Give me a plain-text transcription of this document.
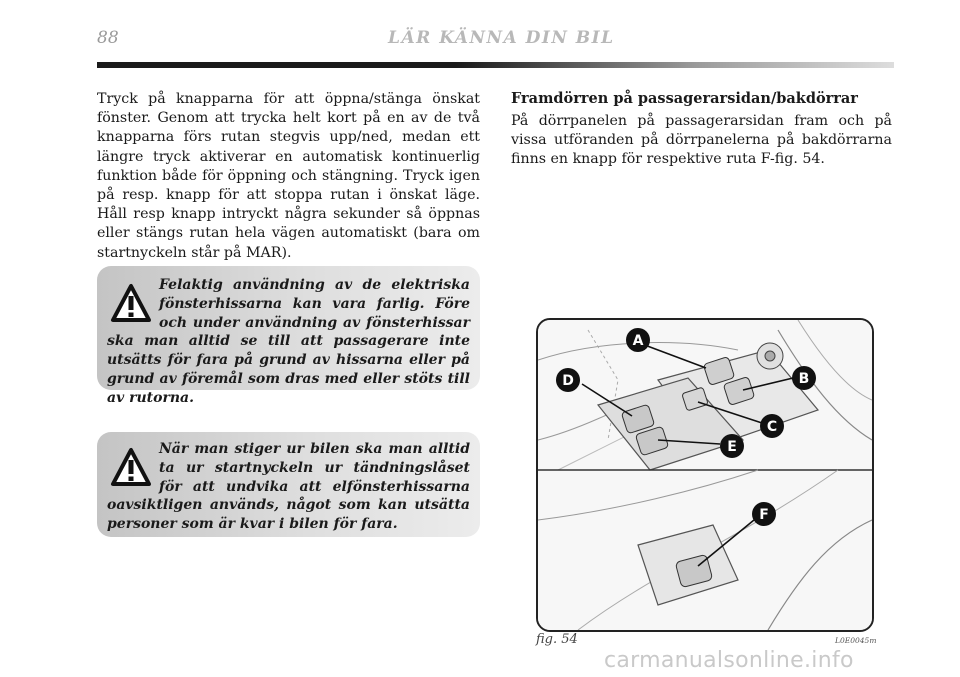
88	LÄR KÄNNA DIN BIL

Tryck på knapparna för att öppna/stänga önskat fönster. Genom att trycka helt kort på en av de två knapparna förs rutan stegvis upp/ned, medan ett längre tryck aktiverar en automatisk kontinuerlig funktion både för öppning och stängning. Tryck igen på resp. knapp för att stoppa rutan i önskat läge. Håll resp knapp intryckt några sekunder så öppnas eller stängs rutan hela vägen automatiskt (bara om startnyckeln står på MAR).

Felaktig användning av de elektriska fönsterhissarna kan vara farlig. Före och under användning av fönsterhissar ska man alltid se till att passagerare inte utsätts för fara på grund av hissarna eller på grund av föremål som dras med eller stöts till av rutorna.

När man stiger ur bilen ska man alltid ta ur startnyckeln ur tändningslåset för att undvika att elfönsterhissarna oavsiktligen används, något som kan utsätta personer som är kvar i bilen för fara.

Framdörren på passagerarsidan/bakdörrar

På dörrpanelen på passagerarsidan fram och på vissa utföranden på dörrpanelerna på bakdörrarna finns en knapp för respektive ruta F-fig. 54.

A
B
C
D
E
F
fig. 54	L0E0045m
carmanualsonline.info
